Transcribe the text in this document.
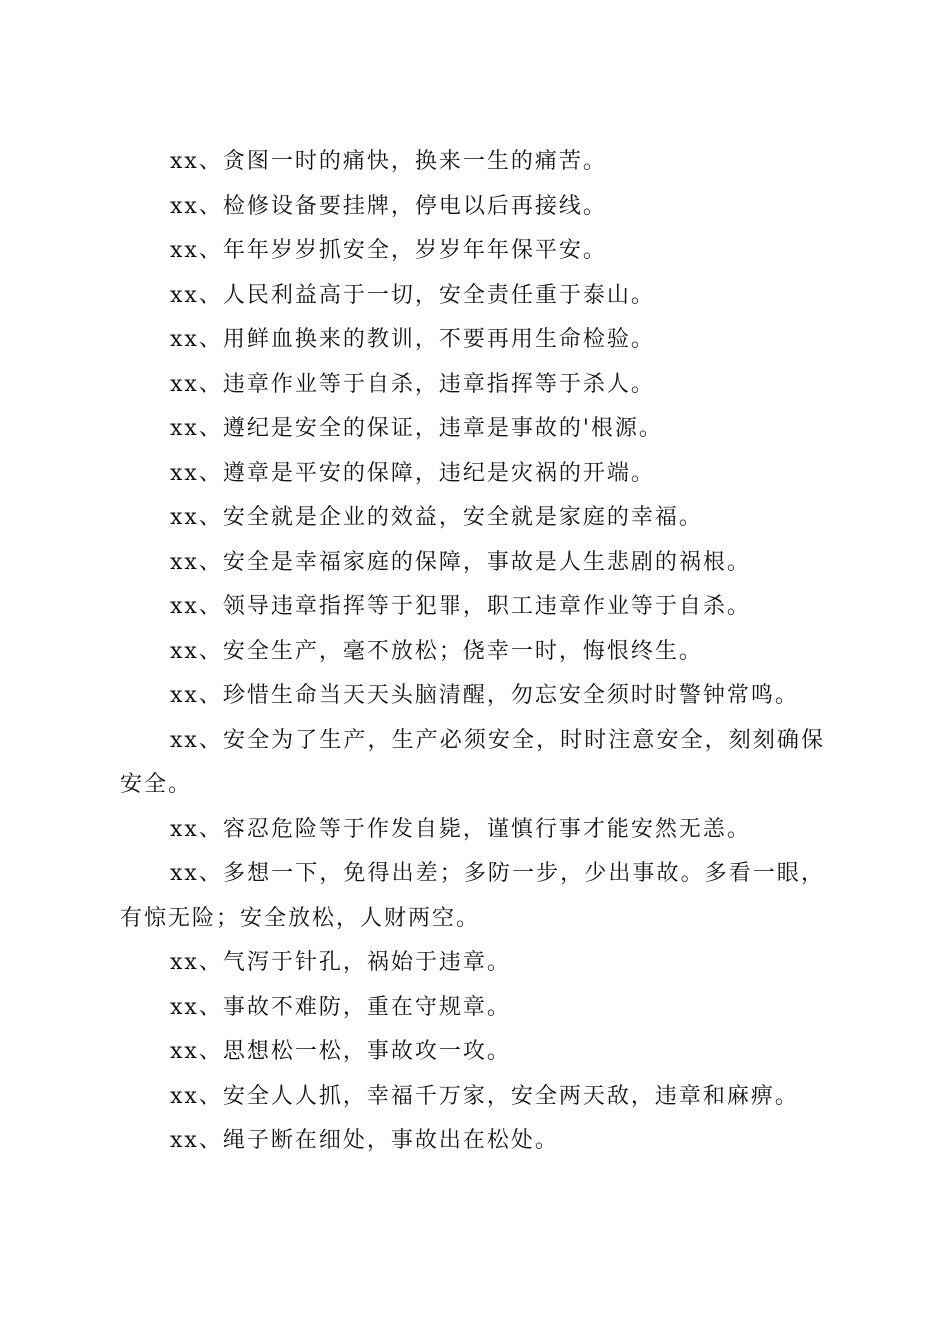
xx、贪图一时的痛快，换来一生的痛苦。

xx、检修设备要挂牌，停电以后再接线。

xx、年年岁岁抓安全，岁岁年年保平安。

xx、人民利益高于一切，安全责任重于泰山。

xx、用鲜血换来的教训，不要再用生命检验。

xx、违章作业等于自杀，违章指挥等于杀人。

xx、遵纪是安全的保证，违章是事故的'根源。

xx、遵章是平安的保障，违纪是灾祸的开端。

xx、安全就是企业的效益，安全就是家庭的幸福。

xx、安全是幸福家庭的保障，事故是人生悲剧的祸根。

xx、领导违章指挥等于犯罪，职工违章作业等于自杀。

xx、安全生产，毫不放松；侥幸一时，悔恨终生。

xx、珍惜生命当天天头脑清醒，勿忘安全须时时警钟常鸣。

xx、安全为了生产，生产必须安全，时时注意安全，刻刻确保安全。

xx、容忍危险等于作发自毙，谨慎行事才能安然无恙。

xx、多想一下，免得出差；多防一步，少出事故。多看一眼，有惊无险；安全放松，人财两空。

xx、气泻于针孔，祸始于违章。

xx、事故不难防，重在守规章。

xx、思想松一松，事故攻一攻。

xx、安全人人抓，幸福千万家，安全两天敌，违章和麻痹。

xx、绳子断在细处，事故出在松处。
